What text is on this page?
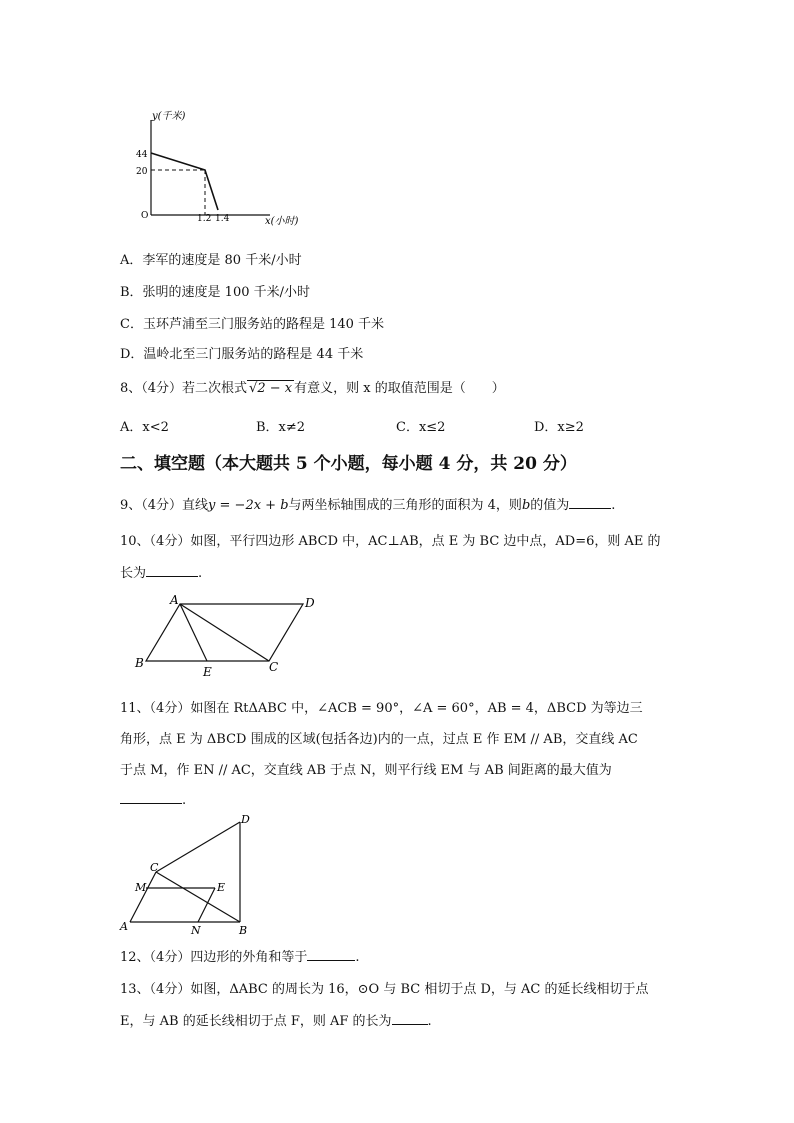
y(千米)
x(小时)
O
44
20
1.2 1.4
A．李军的速度是 80 千米/小时
B．张明的速度是 100 千米/小时
C．玉环芦浦至三门服务站的路程是 140 千米
D．温岭北至三门服务站的路程是 44 千米
8、（4分）若二次根式 √2 − x 有意义，则 x 的取值范围是（　　）
A．x<2	B．x≠2	C．x≤2	D．x≥2
二、填空题（本大题共 5 个小题，每小题 4 分，共 20 分）
9、（4分）直线y = −2x + b与两坐标轴围成的三角形的面积为 4，则b的值为	.
10、（4分）如图，平行四边形 ABCD 中，AC⊥AB，点 E 为 BC 边中点，AD=6，则 AE 的
长为	.
A	D
B
E	C
11、（4分）如图在 RtΔABC 中，∠ACB = 90°，∠A = 60°，AB = 4，ΔBCD 为等边三
角形，点 E 为 ΔBCD 围成的区域(包括各边)内的一点，过点 E 作 EM // AB，交直线 AC
于点 M，作 EN // AC，交直线 AB 于点 N，则平行线 EM 与 AB 间距离的最大值为
.
D
C
M	E
A	N	B
12、（4分）四边形的外角和等于	.
13、（4分）如图，ΔABC 的周长为 16，⊙O 与 BC 相切于点 D，与 AC 的延长线相切于点
E，与 AB 的延长线相切于点 F，则 AF 的长为	.
